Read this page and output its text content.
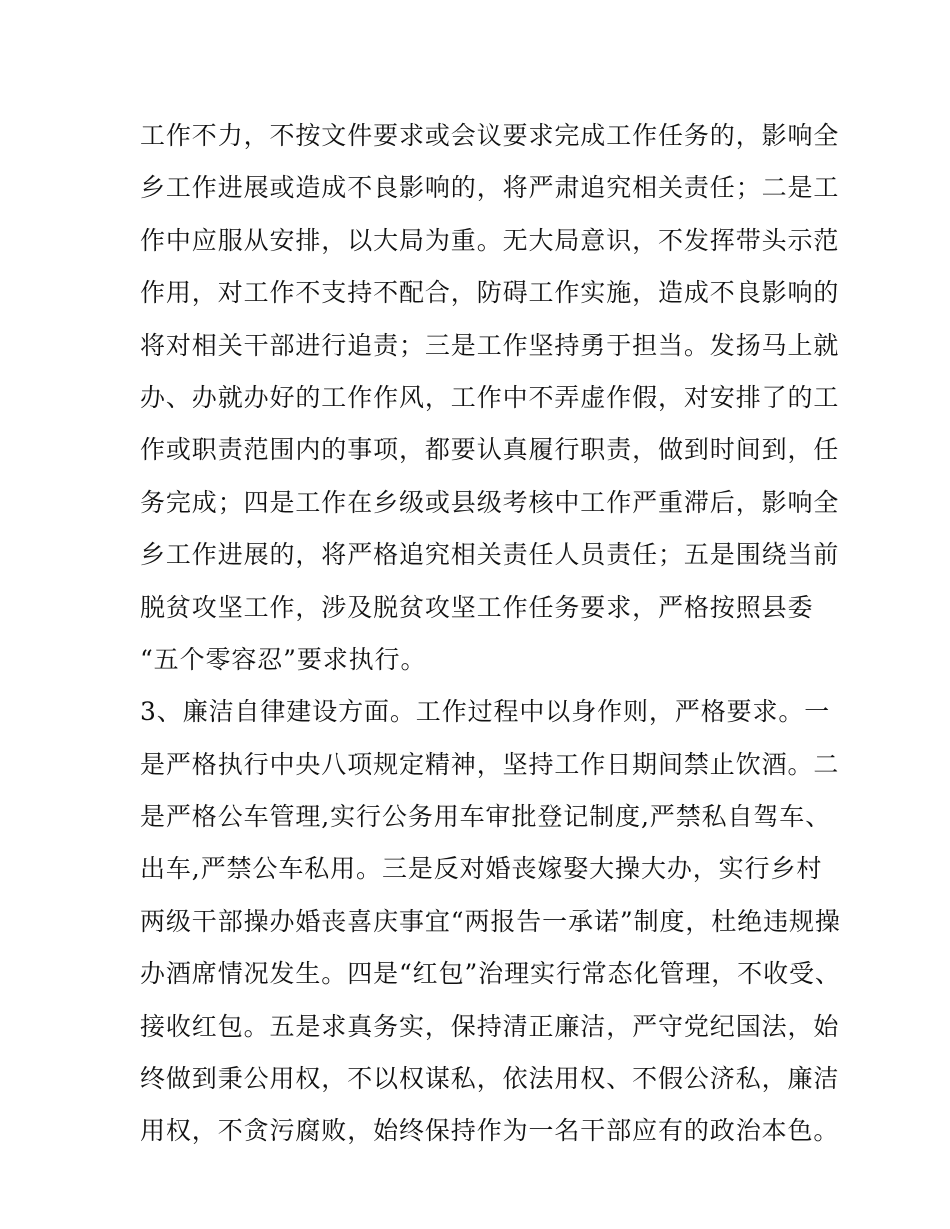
工作不力，不按文件要求或会议要求完成工作任务的，影响全
乡工作进展或造成不良影响的，将严肃追究相关责任；二是工
作中应服从安排，以大局为重。无大局意识，不发挥带头示范
作用，对工作不支持不配合，防碍工作实施，造成不良影响的
将对相关干部进行追责；三是工作坚持勇于担当。发扬马上就
办、办就办好的工作作风，工作中不弄虚作假，对安排了的工
作或职责范围内的事项，都要认真履行职责，做到时间到，任
务完成；四是工作在乡级或县级考核中工作严重滞后，影响全
乡工作进展的，将严格追究相关责任人员责任；五是围绕当前
脱贫攻坚工作，涉及脱贫攻坚工作任务要求，严格按照县委
“五个零容忍”要求执行。
3、廉洁自律建设方面。工作过程中以身作则，严格要求。一
是严格执行中央八项规定精神，坚持工作日期间禁止饮酒。二
是严格公车管理,实行公务用车审批登记制度,严禁私自驾车、
出车,严禁公车私用。三是反对婚丧嫁娶大操大办，实行乡村
两级干部操办婚丧喜庆事宜“两报告一承诺”制度，杜绝违规操
办酒席情况发生。四是“红包”治理实行常态化管理，不收受、
接收红包。五是求真务实，保持清正廉洁，严守党纪国法，始
终做到秉公用权，不以权谋私，依法用权、不假公济私，廉洁
用权，不贪污腐败，始终保持作为一名干部应有的政治本色。
